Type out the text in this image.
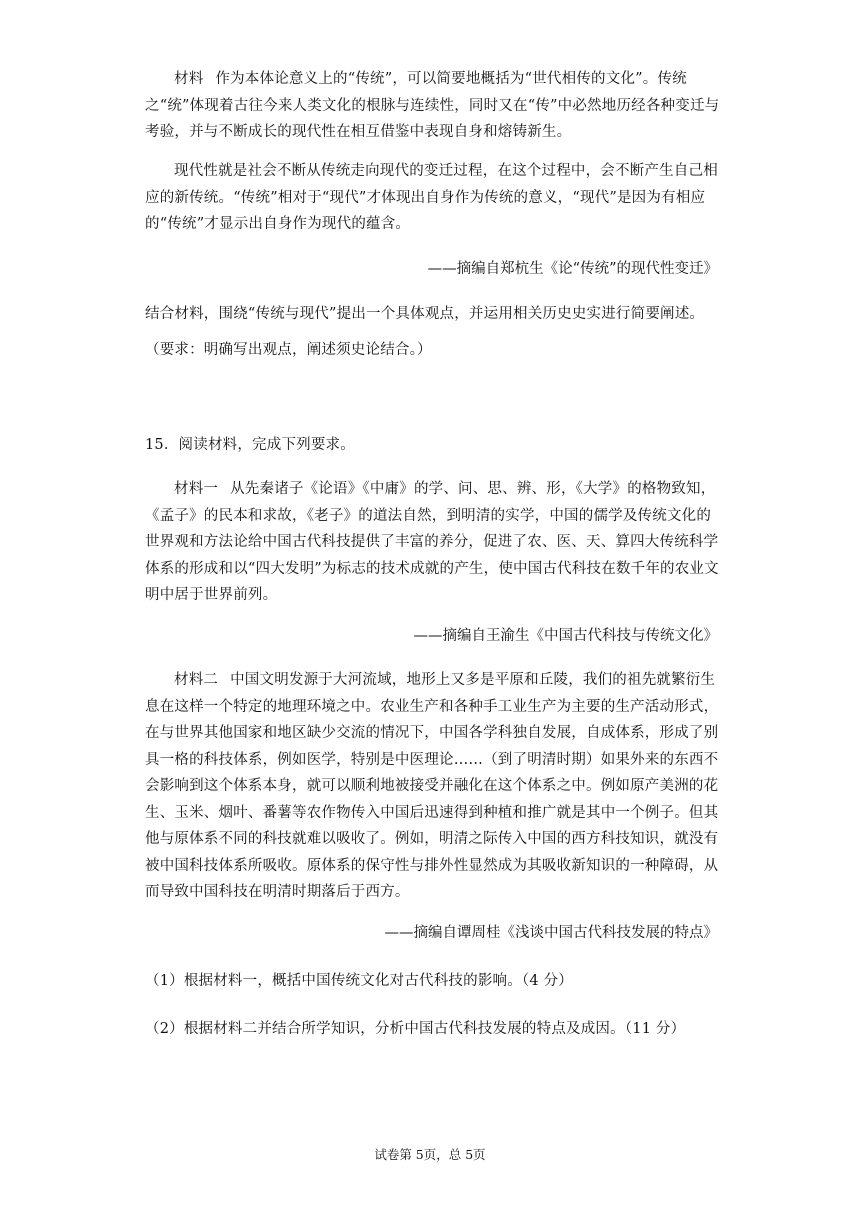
材料 作为本体论意义上的“传统”，可以简要地概括为“世代相传的文化”。传统之“统”体现着古往今来人类文化的根脉与连续性，同时又在“传”中必然地历经各种变迁与考验，并与不断成长的现代性在相互借鉴中表现自身和熔铸新生。

现代性就是社会不断从传统走向现代的变迁过程，在这个过程中，会不断产生自己相应的新传统。“传统”相对于“现代”才体现出自身作为传统的意义，“现代”是因为有相应的“传统”才显示出自身作为现代的蕴含。

——摘编自郑杭生《论“传统”的现代性变迁》

结合材料，围绕“传统与现代”提出一个具体观点，并运用相关历史史实进行简要阐述。

（要求：明确写出观点，阐述须史论结合。）

15．阅读材料，完成下列要求。

材料一 从先秦诸子《论语》《中庸》的学、问、思、辨、形，《大学》的格物致知，《孟子》的民本和求故，《老子》的道法自然，到明清的实学，中国的儒学及传统文化的世界观和方法论给中国古代科技提供了丰富的养分，促进了农、医、天、算四大传统科学体系的形成和以“四大发明”为标志的技术成就的产生，使中国古代科技在数千年的农业文明中居于世界前列。

——摘编自王渝生《中国古代科技与传统文化》

材料二 中国文明发源于大河流域，地形上又多是平原和丘陵，我们的祖先就繁衍生息在这样一个特定的地理环境之中。农业生产和各种手工业生产为主要的生产活动形式，在与世界其他国家和地区缺少交流的情况下，中国各学科独自发展，自成体系，形成了别具一格的科技体系，例如医学，特别是中医理论……（到了明清时期）如果外来的东西不会影响到这个体系本身，就可以顺利地被接受并融化在这个体系之中。例如原产美洲的花生、玉米、烟叶、番薯等农作物传入中国后迅速得到种植和推广就是其中一个例子。但其他与原体系不同的科技就难以吸收了。例如，明清之际传入中国的西方科技知识，就没有被中国科技体系所吸收。原体系的保守性与排外性显然成为其吸收新知识的一种障碍，从而导致中国科技在明清时期落后于西方。

——摘编自谭周桂《浅谈中国古代科技发展的特点》

（1）根据材料一，概括中国传统文化对古代科技的影响。（4 分）

（2）根据材料二并结合所学知识，分析中国古代科技发展的特点及成因。（11 分）

试卷第 5页，总 5页
